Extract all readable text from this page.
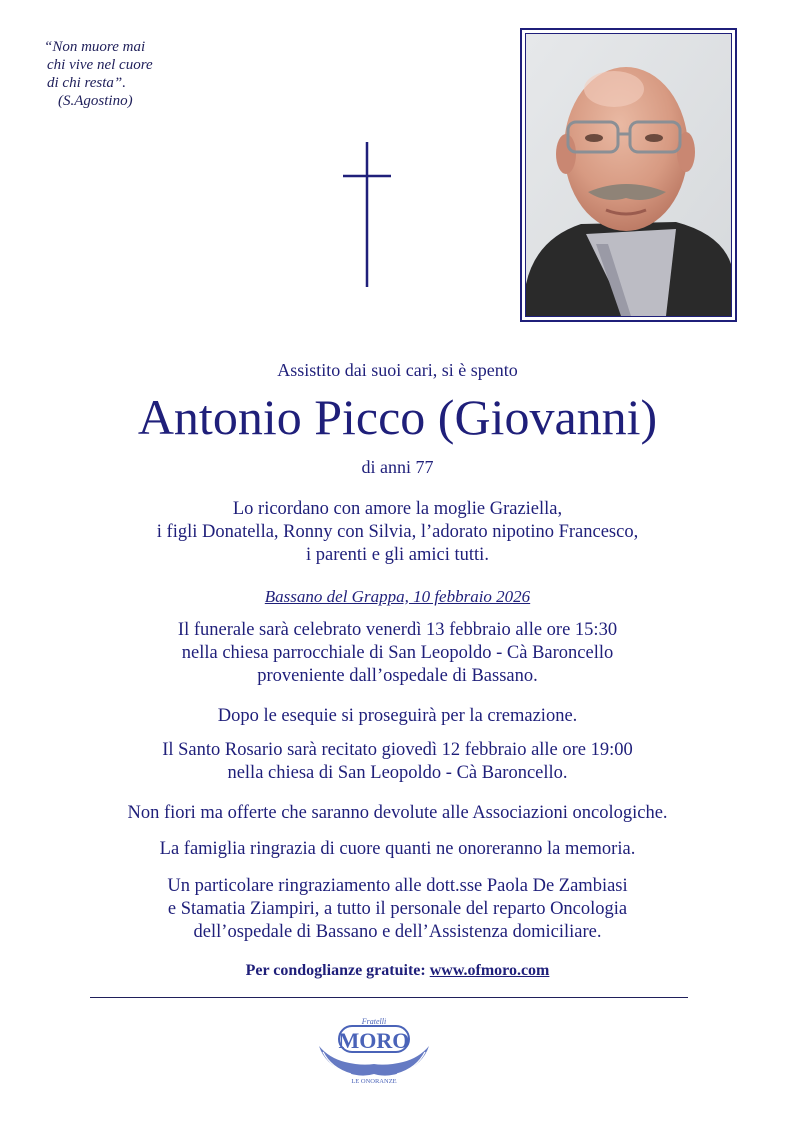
“Non muore mai
chi vive nel cuore
di chi resta”.
(S.Agostino)
Assistito dai suoi cari, si è spento
Antonio Picco (Giovanni)
di anni 77
Lo ricordano con amore la moglie Graziella,
i figli Donatella, Ronny con Silvia, l’adorato nipotino Francesco,
i parenti e gli amici tutti.
Bassano del Grappa, 10 febbraio 2026
Il funerale sarà celebrato venerdì 13 febbraio alle ore 15:30
nella chiesa parrocchiale di San Leopoldo - Cà Baroncello
proveniente dall’ospedale di Bassano.
Dopo le esequie si proseguirà per la cremazione.
Il Santo Rosario sarà recitato giovedì 12 febbraio alle ore 19:00
nella chiesa di San Leopoldo - Cà Baroncello.
Non fiori ma offerte che saranno devolute alle Associazioni oncologiche.
La famiglia ringrazia di cuore quanti ne onoreranno la memoria.
Un particolare ringraziamento alle dott.sse Paola De Zambiasi
e Stamatia Ziampiri, a tutto il personale del reparto Oncologia
dell’ospedale di Bassano e dell’Assistenza domiciliare.
Per condoglianze gratuite: www.ofmoro.com
Fratelli
MORO
LE ONORANZE
